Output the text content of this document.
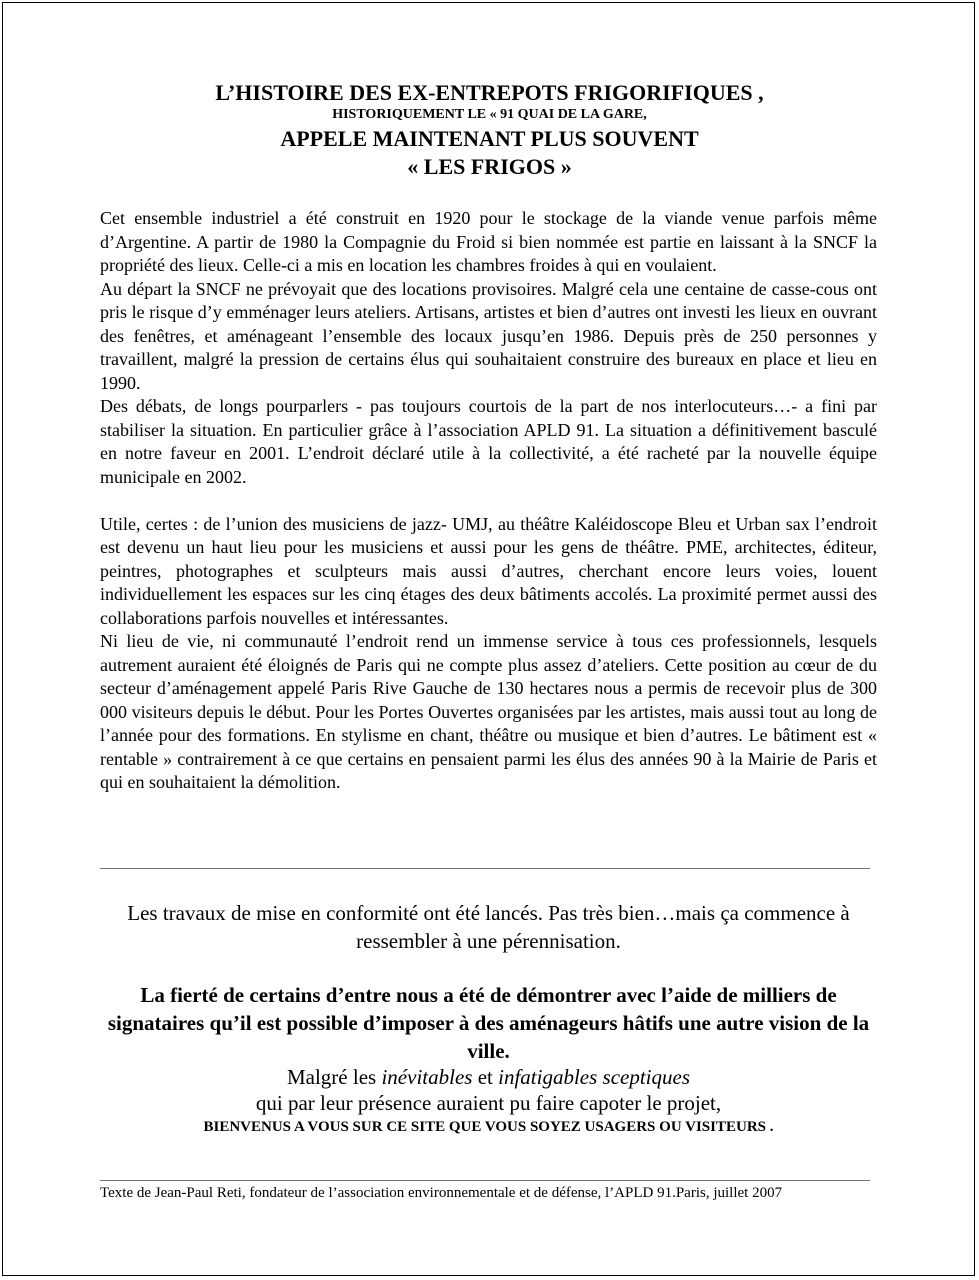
L’HISTOIRE DES EX-ENTREPOTS FRIGORIFIQUES ,
HISTORIQUEMENT LE « 91 QUAI DE LA GARE,
APPELE MAINTENANT PLUS SOUVENT
« LES FRIGOS »

Cet ensemble industriel a été construit en 1920 pour le stockage de la viande venue parfois même d’Argentine. A partir de 1980 la Compagnie du Froid si bien nommée est partie en laissant à la SNCF la propriété des lieux. Celle-ci a mis en location les chambres froides à qui en voulaient.

Au départ la SNCF ne prévoyait que des locations provisoires. Malgré cela une centaine de casse-cous ont pris le risque d’y emménager leurs ateliers. Artisans, artistes et bien d’autres ont investi les lieux en ouvrant des fenêtres, et aménageant l’ensemble des locaux jusqu’en 1986. Depuis près de 250 personnes y travaillent, malgré la pression de certains élus qui souhaitaient construire des bureaux en place et lieu en 1990.

Des débats, de longs pourparlers - pas toujours courtois de la part de nos interlocuteurs…- a fini par stabiliser la situation. En particulier grâce à l’association APLD 91. La situation a définitivement basculé en notre faveur en 2001. L’endroit déclaré utile à la collectivité, a été racheté par la nouvelle équipe municipale en 2002.

Utile, certes : de l’union des musiciens de jazz- UMJ, au théâtre Kaléidoscope Bleu et Urban sax l’endroit est devenu un haut lieu pour les musiciens et aussi pour les gens de théâtre. PME, architectes, éditeur, peintres, photographes et sculpteurs mais aussi d’autres, cherchant encore leurs voies, louent individuellement les espaces sur les cinq étages des deux bâtiments accolés. La proximité permet aussi des collaborations parfois nouvelles et intéressantes.

Ni lieu de vie, ni communauté l’endroit rend un immense service à tous ces professionnels, lesquels autrement auraient été éloignés de Paris qui ne compte plus assez d’ateliers. Cette position au cœur de du secteur d’aménagement appelé Paris Rive Gauche de 130 hectares nous a permis de recevoir plus de 300 000 visiteurs depuis le début. Pour les Portes Ouvertes organisées par les artistes, mais aussi tout au long de l’année pour des formations. En stylisme en chant, théâtre ou musique et bien d’autres. Le bâtiment est « rentable » contrairement à ce que certains en pensaient parmi les élus des années 90 à la Mairie de Paris et qui en souhaitaient la démolition.

Les travaux de mise en conformité ont été lancés. Pas très bien…mais ça commence à ressembler à une pérennisation.
La fierté de certains d’entre nous a été de démontrer avec l’aide de milliers de signataires qu’il est possible d’imposer à des aménageurs hâtifs une autre vision de la ville.
Malgré les inévitables et infatigables sceptiques
qui par leur présence auraient pu faire capoter le projet,
BIENVENUS A VOUS SUR CE SITE QUE VOUS SOYEZ USAGERS OU VISITEURS .
Texte de Jean-Paul Reti, fondateur de l’association environnementale et de défense, l’APLD 91.Paris, juillet 2007
